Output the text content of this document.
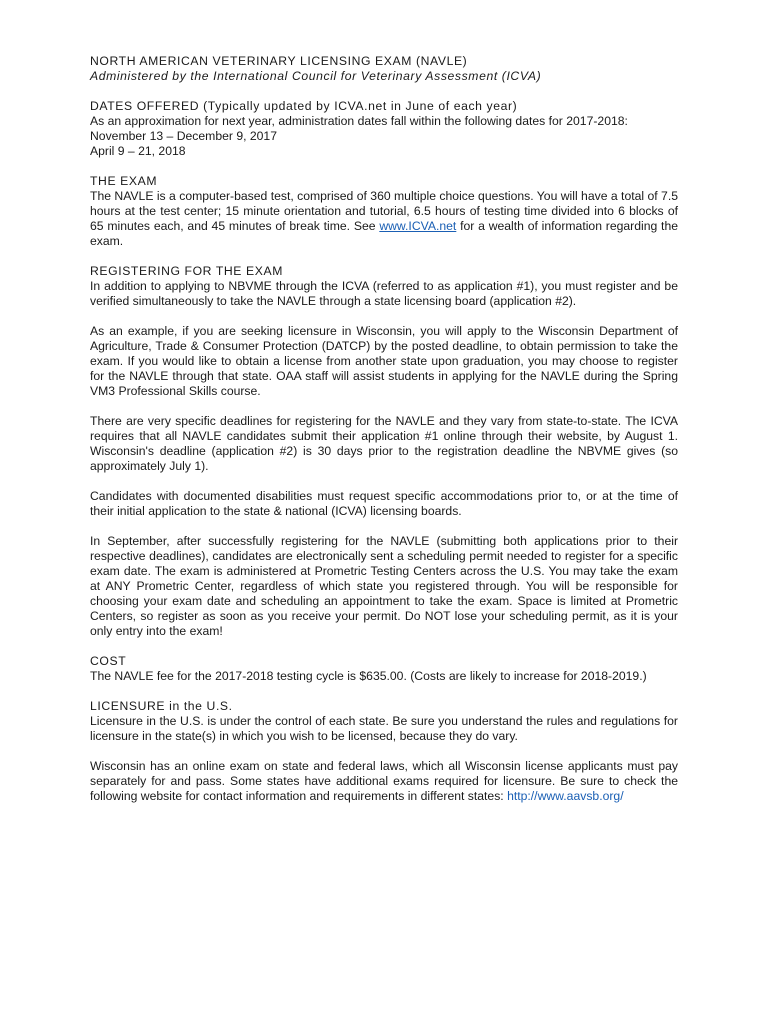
NORTH AMERICAN VETERINARY LICENSING EXAM (NAVLE)
Administered by the International Council for Veterinary Assessment (ICVA)
DATES OFFERED (Typically updated by ICVA.net in June of each year)
As an approximation for next year, administration dates fall within the following dates for 2017-2018:
November 13 – December 9, 2017
April 9 – 21, 2018
THE EXAM

The NAVLE is a computer-based test, comprised of 360 multiple choice questions. You will have a total of 7.5 hours at the test center; 15 minute orientation and tutorial, 6.5 hours of testing time divided into 6 blocks of 65 minutes each, and 45 minutes of break time. See www.ICVA.net for a wealth of information regarding the exam.

REGISTERING FOR THE EXAM

In addition to applying to NBVME through the ICVA (referred to as application #1), you must register and be verified simultaneously to take the NAVLE through a state licensing board (application #2).

As an example, if you are seeking licensure in Wisconsin, you will apply to the Wisconsin Department of Agriculture, Trade & Consumer Protection (DATCP) by the posted deadline, to obtain permission to take the exam. If you would like to obtain a license from another state upon graduation, you may choose to register for the NAVLE through that state. OAA staff will assist students in applying for the NAVLE during the Spring VM3 Professional Skills course.

There are very specific deadlines for registering for the NAVLE and they vary from state-to-state. The ICVA requires that all NAVLE candidates submit their application #1 online through their website, by August 1. Wisconsin's deadline (application #2) is 30 days prior to the registration deadline the NBVME gives (so approximately July 1).

Candidates with documented disabilities must request specific accommodations prior to, or at the time of their initial application to the state & national (ICVA) licensing boards.

In September, after successfully registering for the NAVLE (submitting both applications prior to their respective deadlines), candidates are electronically sent a scheduling permit needed to register for a specific exam date. The exam is administered at Prometric Testing Centers across the U.S. You may take the exam at ANY Prometric Center, regardless of which state you registered through. You will be responsible for choosing your exam date and scheduling an appointment to take the exam. Space is limited at Prometric Centers, so register as soon as you receive your permit. Do NOT lose your scheduling permit, as it is your only entry into the exam!

COST

The NAVLE fee for the 2017-2018 testing cycle is $635.00. (Costs are likely to increase for 2018-2019.)

LICENSURE in the U.S.

Licensure in the U.S. is under the control of each state. Be sure you understand the rules and regulations for licensure in the state(s) in which you wish to be licensed, because they do vary.

Wisconsin has an online exam on state and federal laws, which all Wisconsin license applicants must pay separately for and pass. Some states have additional exams required for licensure. Be sure to check the following website for contact information and requirements in different states: http://www.aavsb.org/
